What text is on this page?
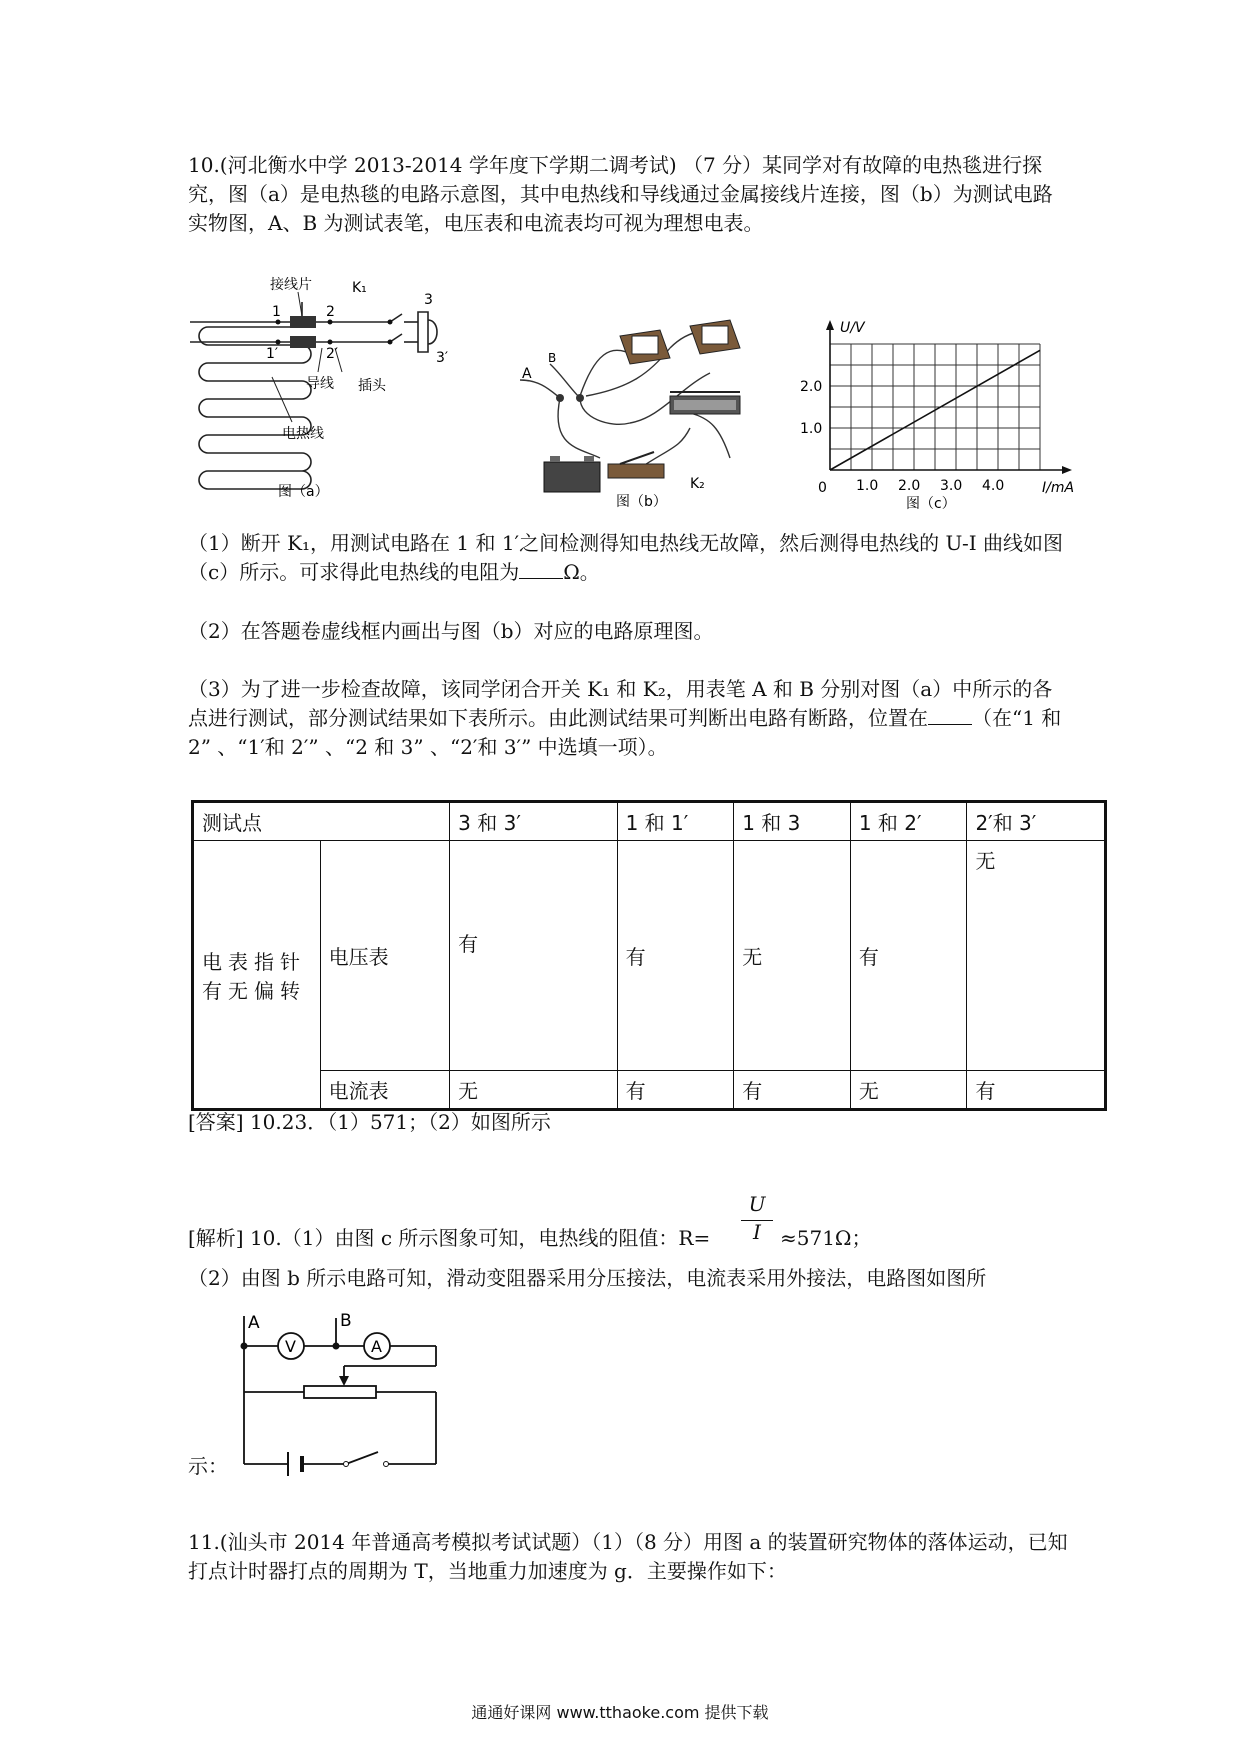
10.(河北衡水中学 2013-2014 学年度下学期二调考试) （7 分）某同学对有故障的电热毯进行探究，图（a）是电热毯的电路示意图，其中电热线和导线通过金属接线片连接，图（b）为测试电路实物图，A、B 为测试表笔，电压表和电流表均可视为理想电表。

接线片	K₁
3
3′
1
1′
2
2′
导线 插头
电热线
图（a）
A
B
K₂
图（b）
1.0 2.0 3.0 4.0
1.0
2.0
U/V
I/mA
0
图（c）

（1）断开 K₁，用测试电路在 1 和 1′之间检测得知电热线无故障，然后测得电热线的 U-I 曲线如图（c）所示。可求得此电热线的电阻为 Ω。

（2）在答题卷虚线框内画出与图（b）对应的电路原理图。

（3）为了进一步检查故障，该同学闭合开关 K₁ 和 K₂，用表笔 A 和 B 分别对图（a）中所示的各点进行测试，部分测试结果如下表所示。由此测试结果可判断出电路有断路，位置在 （在“1 和 2” 、“1′和 2′” 、“2 和 3” 、“2′和 3′” 中选填一项）。

测试点		3 和 3′	1 和 1′	1 和 3	1 和 2′	2′和 3′
电表指针有无偏转	电压表	有	有	无	有	无
	电流表	无	有	有	无	有

[答案] 10.23．（1）571；（2）如图所示

[解析] 10.（1）由图 c 所示图象可知，电热线的阻值：R=
U
I ≈571Ω；

（2）由图 b 所示电路可知，滑动变阻器采用分压接法，电流表采用外接法，电路图如图所

V	A
A	B

示：

11.(汕头市 2014 年普通高考模拟考试试题）（1）（8 分）用图 a 的装置研究物体的落体运动，已知打点计时器打点的周期为 T，当地重力加速度为 g．主要操作如下：

通通好课网 www.tthaoke.com 提供下载
